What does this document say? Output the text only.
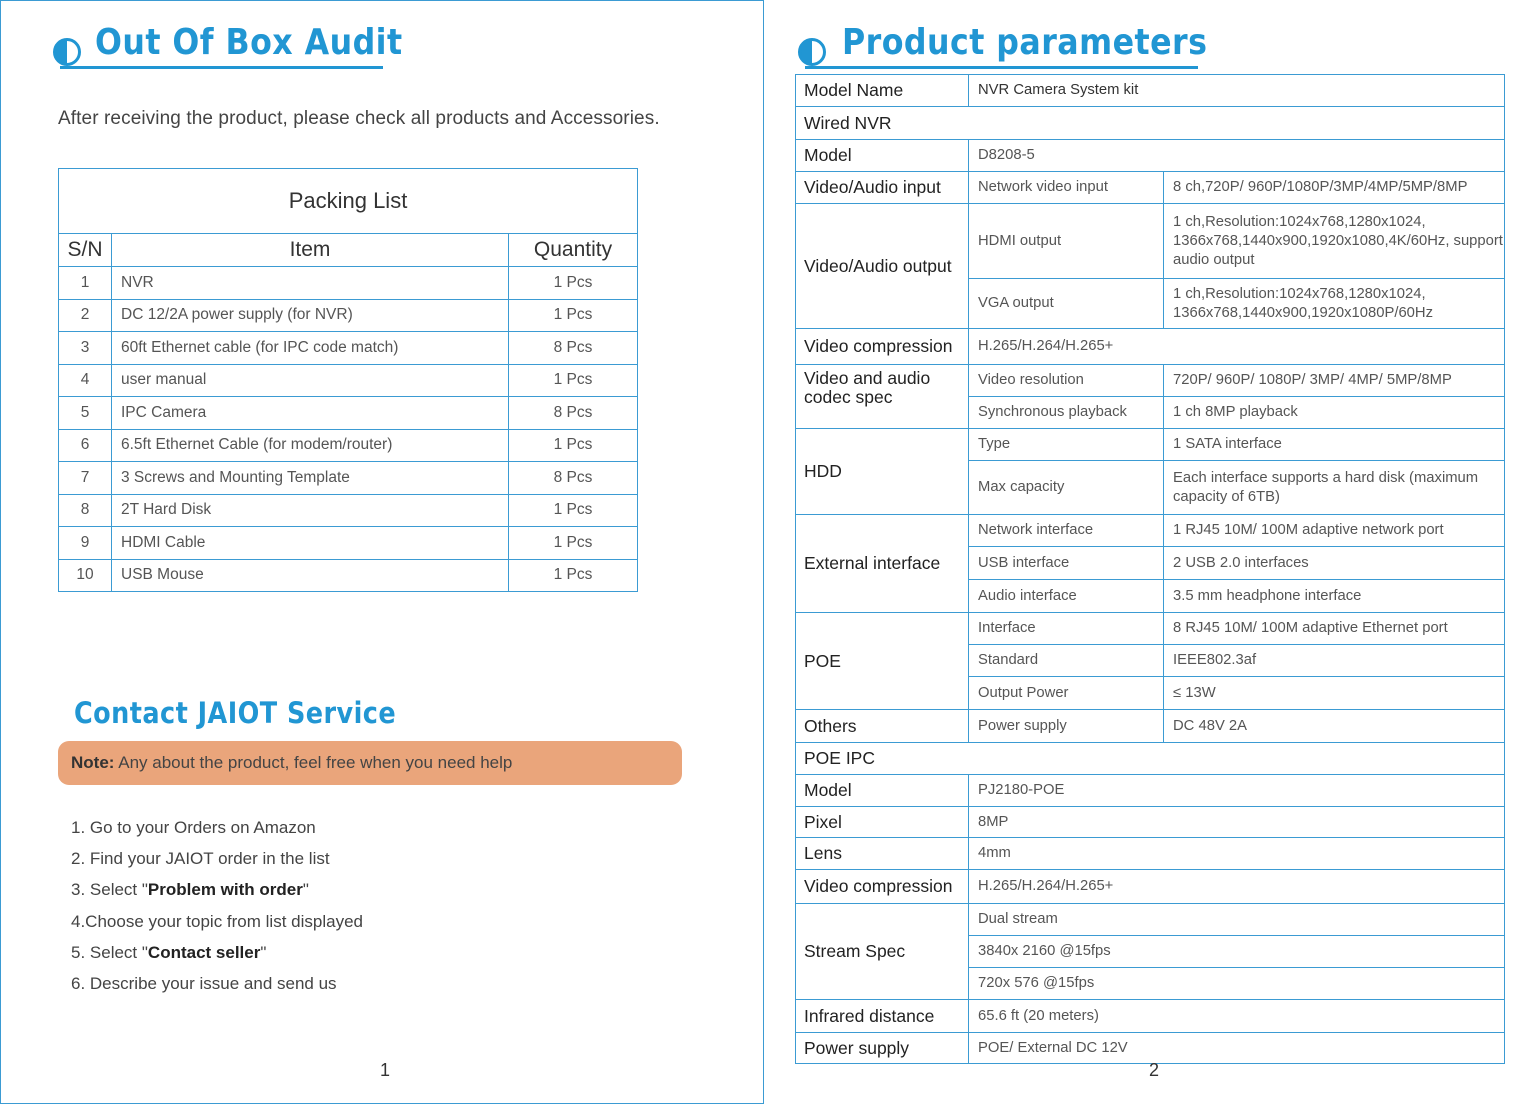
Out Of Box Audit
After receiving the product, please check all products and Accessories.
Packing List		
S/N	Item	Quantity
1	NVR	1 Pcs
2	DC 12/2A power supply (for NVR)	1 Pcs
3	60ft Ethernet cable (for IPC code match)	8 Pcs
4	user manual	1 Pcs
5	IPC Camera	8 Pcs
6	6.5ft Ethernet Cable (for modem/router)	1 Pcs
7	3 Screws and Mounting Template	8 Pcs
8	2T Hard Disk	1 Pcs
9	HDMI Cable	1 Pcs
10	USB Mouse	1 Pcs
Contact JAIOT Service
Note: Any about the product, feel free when you need help
1. Go to your Orders on Amazon
2. Find your JAIOT order in the list
3. Select "Problem with order"
4.Choose your topic from list displayed
5. Select "Contact seller"
6. Describe your issue and send us
1
Product parameters
Model Name	NVR Camera System kit	
Wired NVR		
Model	D8208-5	
Video/Audio input	Network video input	8 ch,720P/ 960P/1080P/3MP/4MP/5MP/8MP
Video/Audio output	HDMI output	1 ch,Resolution:1024x768,1280x1024, 1366x768,1440x900,1920x1080,4K/60Hz, support audio output
	VGA output	1 ch,Resolution:1024x768,1280x1024, 1366x768,1440x900,1920x1080P/60Hz
Video compression	H.265/H.264/H.265+	
Video and audio codec spec	Video resolution	720P/ 960P/ 1080P/ 3MP/ 4MP/ 5MP/8MP
	Synchronous playback	1 ch 8MP playback
HDD	Type	1 SATA interface
	Max capacity	Each interface supports a hard disk (maximum capacity of 6TB)
External interface	Network interface	1 RJ45 10M/ 100M adaptive network port
	USB interface	2 USB 2.0 interfaces
	Audio interface	3.5 mm headphone interface
POE	Interface	8 RJ45 10M/ 100M adaptive Ethernet port
	Standard	IEEE802.3af
	Output Power	≤ 13W
Others	Power supply	DC 48V 2A
POE IPC		
Model	PJ2180-POE	
Pixel	8MP	
Lens	4mm	
Video compression	H.265/H.264/H.265+	
Stream Spec	Dual stream	
	3840x 2160 @15fps	
	720x 576 @15fps	
Infrared distance	65.6 ft (20 meters)	
Power supply	POE/ External DC 12V	
2
